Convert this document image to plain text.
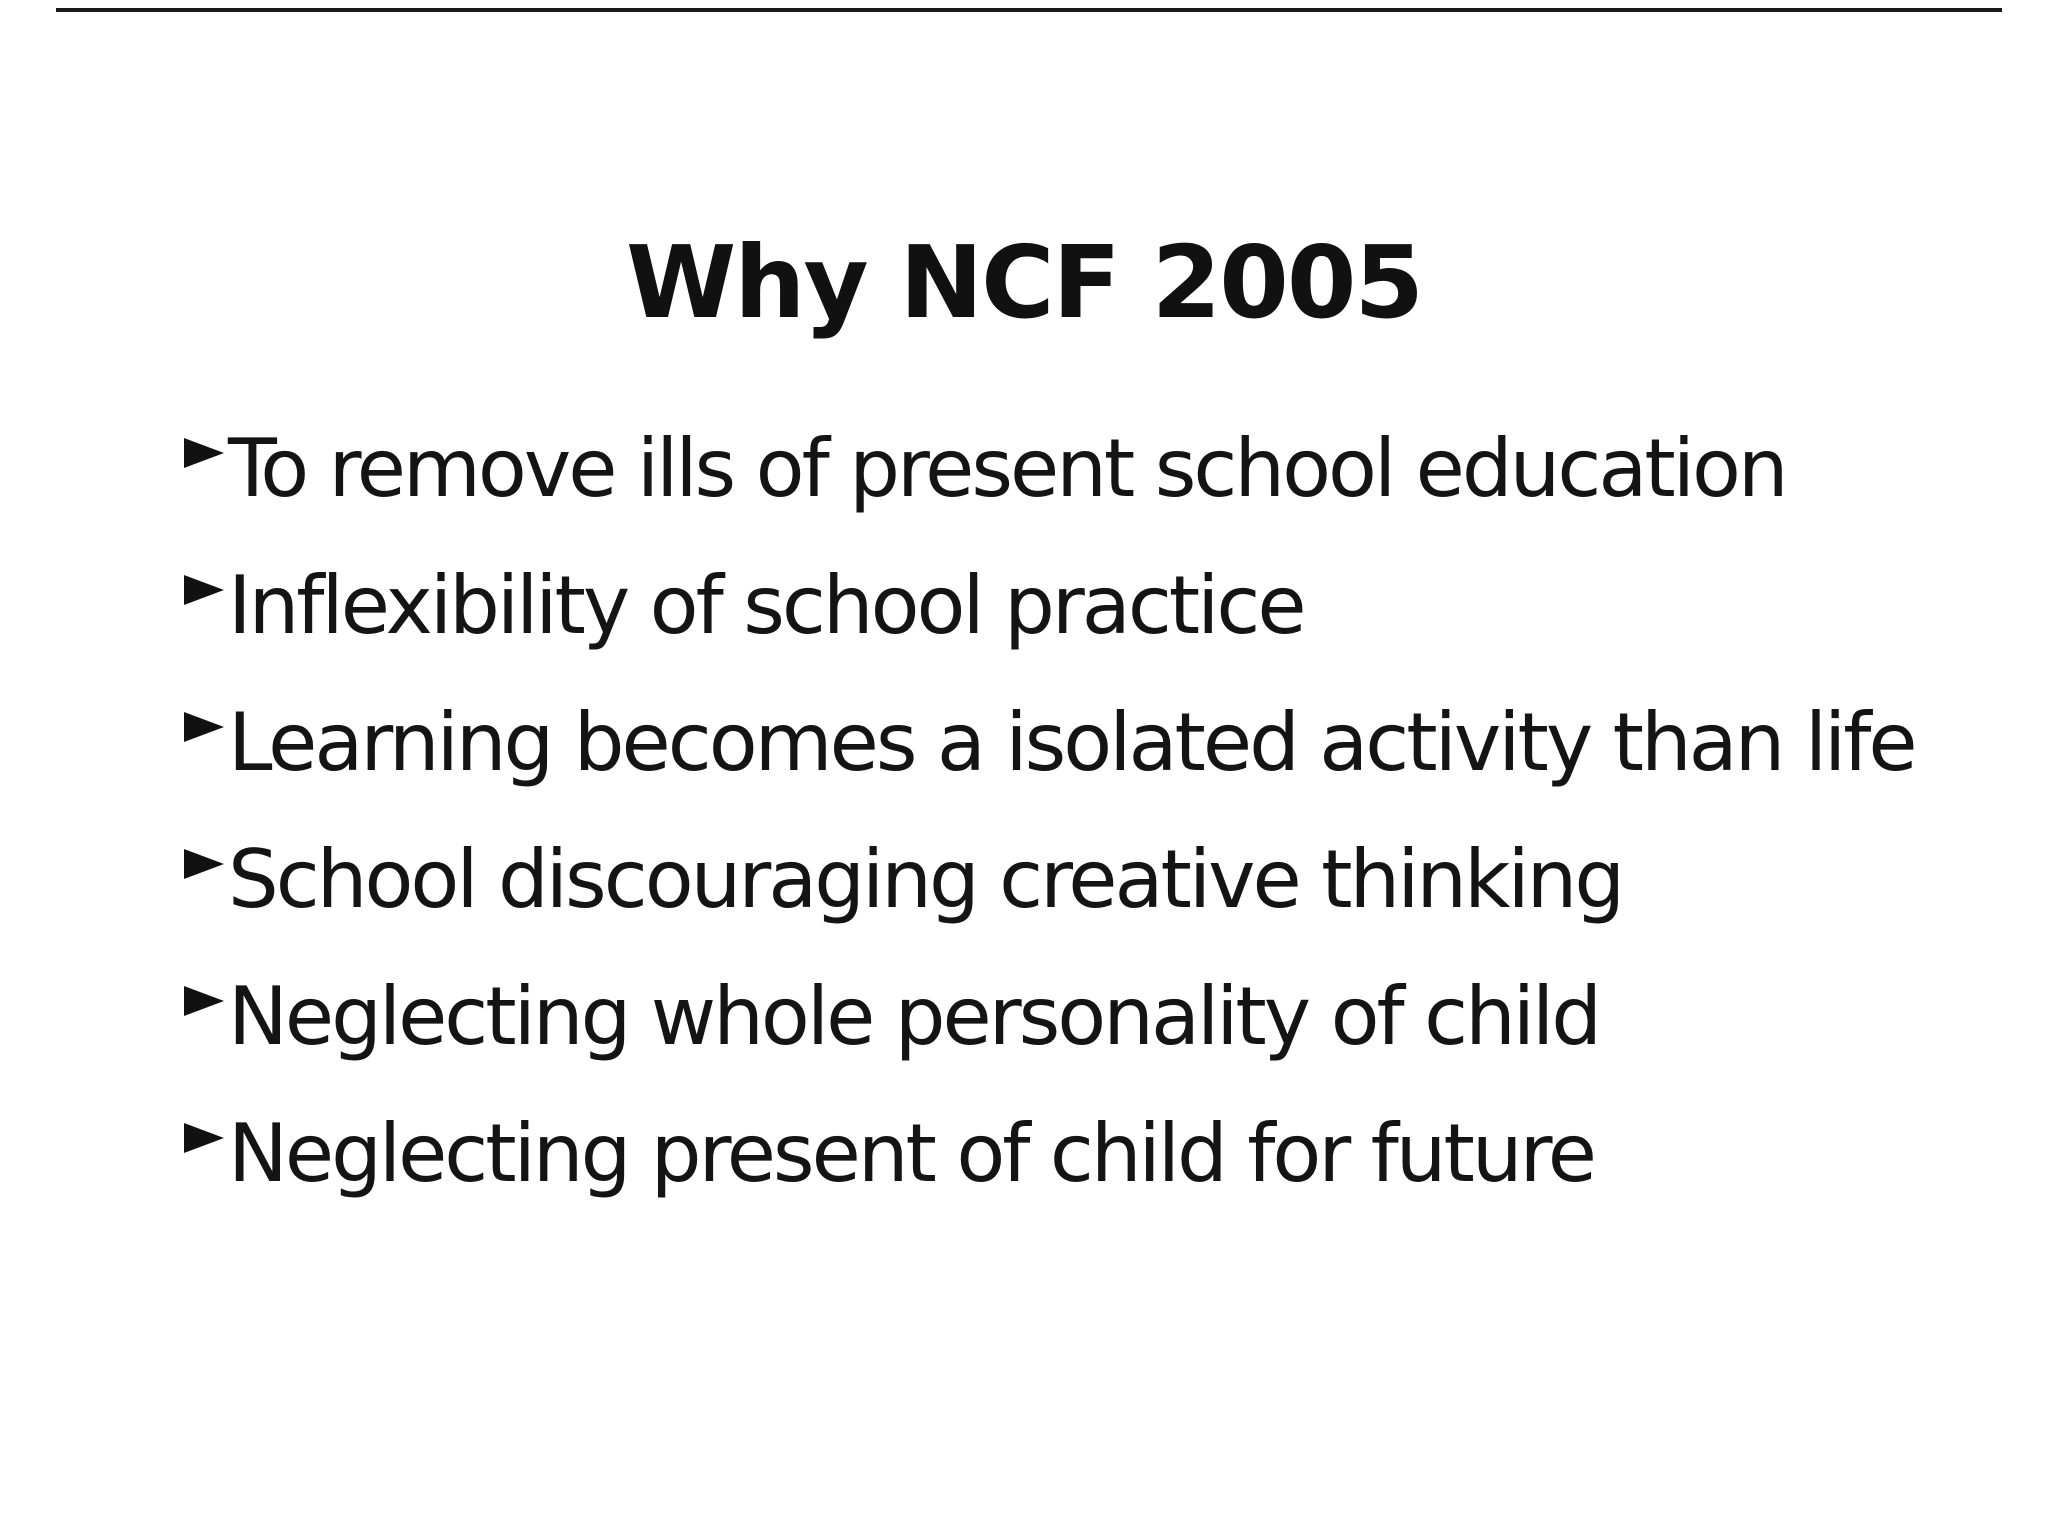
Why NCF 2005
To remove ills of present school education
Inflexibility of school practice
Learning becomes a isolated activity than life
School discouraging creative thinking
Neglecting whole personality of child
Neglecting present of child for future
